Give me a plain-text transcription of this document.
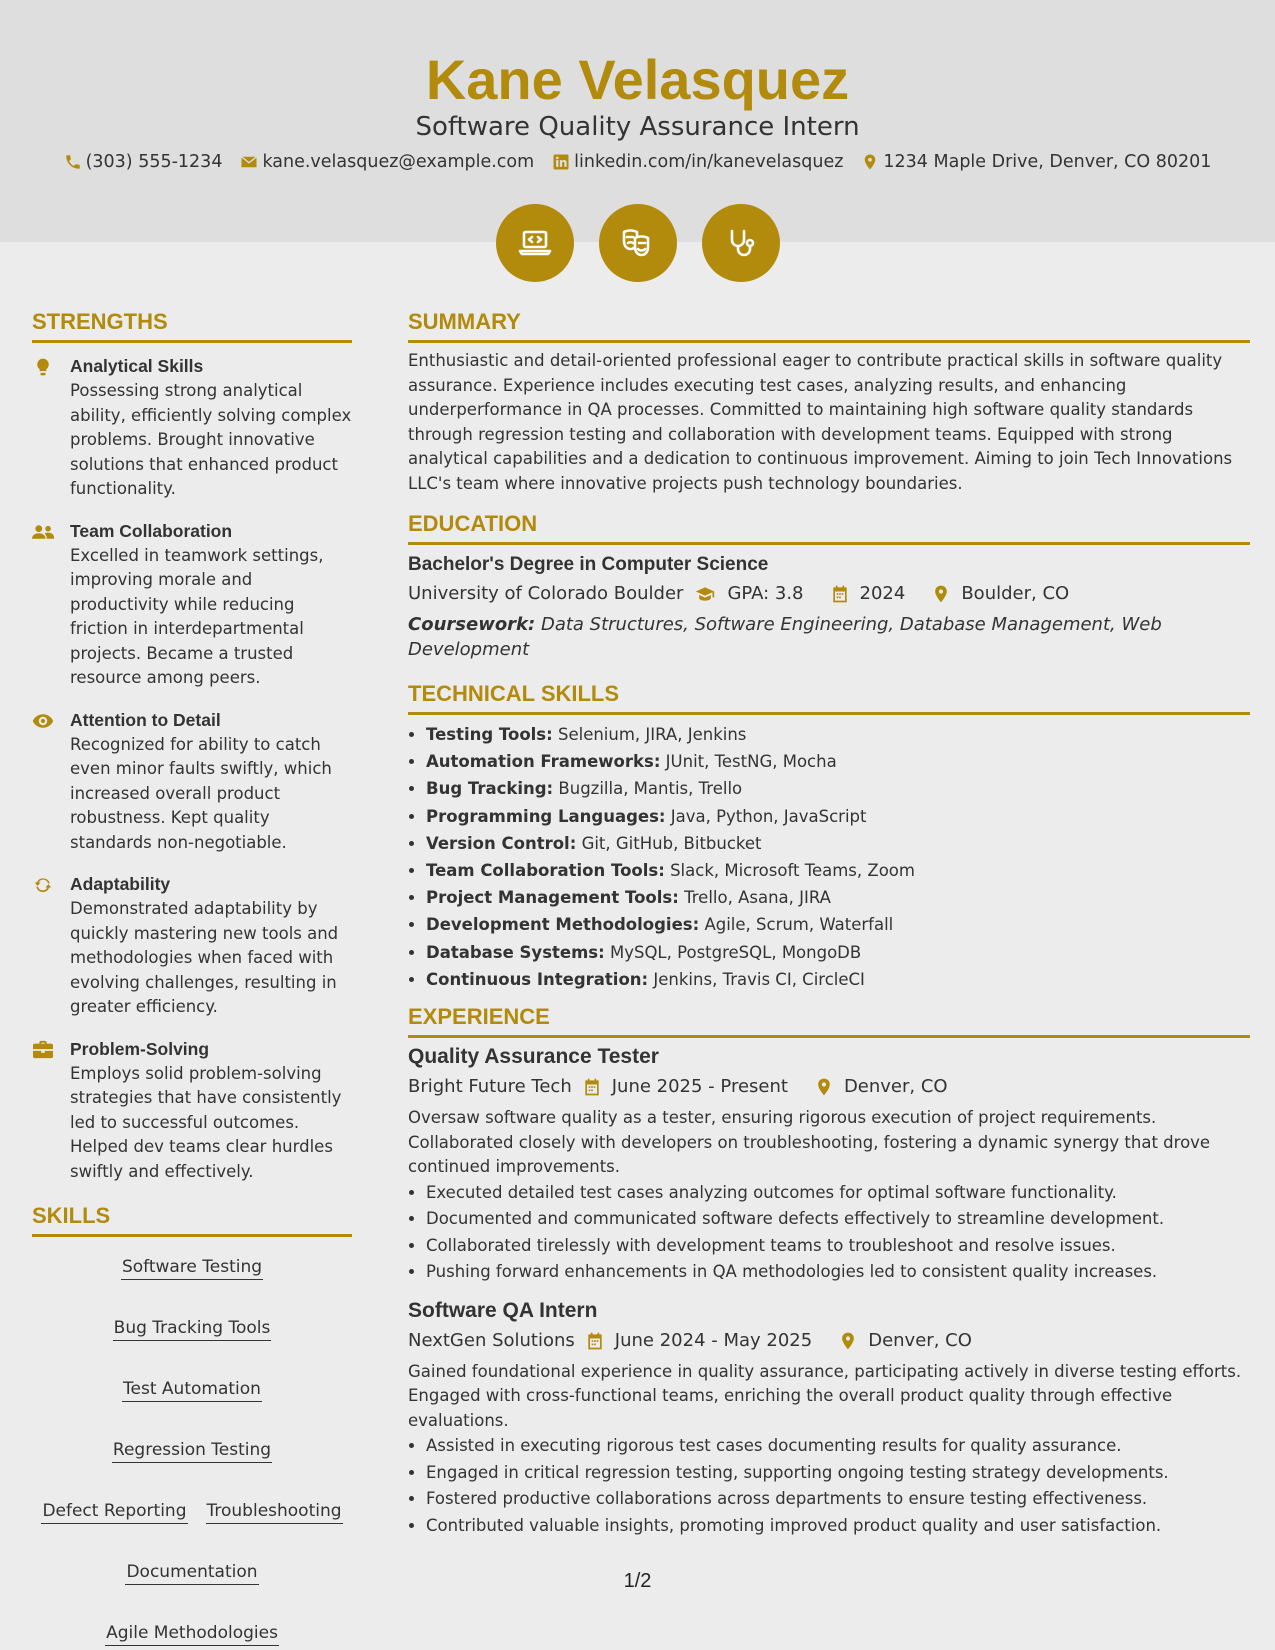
Kane Velasquez
Software Quality Assurance Intern
(303) 555-1234 kane.velasquez@example.com linkedin.com/in/kanevelasquez 1234 Maple Drive, Denver, CO 80201
STRENGTHS
Analytical Skills
Possessing strong analytical ability, efficiently solving complex problems. Brought innovative solutions that enhanced product functionality.
Team Collaboration
Excelled in teamwork settings, improving morale and productivity while reducing friction in interdepartmental projects. Became a trusted resource among peers.
Attention to Detail
Recognized for ability to catch even minor faults swiftly, which increased overall product robustness. Kept quality standards non-negotiable.
Adaptability
Demonstrated adaptability by quickly mastering new tools and methodologies when faced with evolving challenges, resulting in greater efficiency.
Problem-Solving
Employs solid problem-solving strategies that have consistently led to successful outcomes. Helped dev teams clear hurdles swiftly and effectively.
SKILLS
Software Testing
Bug Tracking Tools
Test Automation
Regression Testing
Defect Reporting Troubleshooting
Documentation
Agile Methodologies
SUMMARY
Enthusiastic and detail-oriented professional eager to contribute practical skills in software quality assurance. Experience includes executing test cases, analyzing results, and enhancing underperformance in QA processes. Committed to maintaining high software quality standards through regression testing and collaboration with development teams. Equipped with strong analytical capabilities and a dedication to continuous improvement. Aiming to join Tech Innovations LLC's team where innovative projects push technology boundaries.
EDUCATION
Bachelor's Degree in Computer Science
University of Colorado Boulder GPA: 3.8	2024	Boulder, CO
Coursework: Data Structures, Software Engineering, Database Management, Web Development
TECHNICAL SKILLS
• Testing Tools: Selenium, JIRA, Jenkins
• Automation Frameworks: JUnit, TestNG, Mocha
• Bug Tracking: Bugzilla, Mantis, Trello
• Programming Languages: Java, Python, JavaScript
• Version Control: Git, GitHub, Bitbucket
• Team Collaboration Tools: Slack, Microsoft Teams, Zoom
• Project Management Tools: Trello, Asana, JIRA
• Development Methodologies: Agile, Scrum, Waterfall
• Database Systems: MySQL, PostgreSQL, MongoDB
• Continuous Integration: Jenkins, Travis CI, CircleCI
EXPERIENCE
Quality Assurance Tester
Bright Future Tech June 2025 - Present	Denver, CO
Oversaw software quality as a tester, ensuring rigorous execution of project requirements. Collaborated closely with developers on troubleshooting, fostering a dynamic synergy that drove continued improvements.
• Executed detailed test cases analyzing outcomes for optimal software functionality.
• Documented and communicated software defects effectively to streamline development.
• Collaborated tirelessly with development teams to troubleshoot and resolve issues.
• Pushing forward enhancements in QA methodologies led to consistent quality increases.
Software QA Intern
NextGen Solutions June 2024 - May 2025	Denver, CO
Gained foundational experience in quality assurance, participating actively in diverse testing efforts. Engaged with cross-functional teams, enriching the overall product quality through effective evaluations.
• Assisted in executing rigorous test cases documenting results for quality assurance.
• Engaged in critical regression testing, supporting ongoing testing strategy developments.
• Fostered productive collaborations across departments to ensure testing effectiveness.
• Contributed valuable insights, promoting improved product quality and user satisfaction.
1/2
